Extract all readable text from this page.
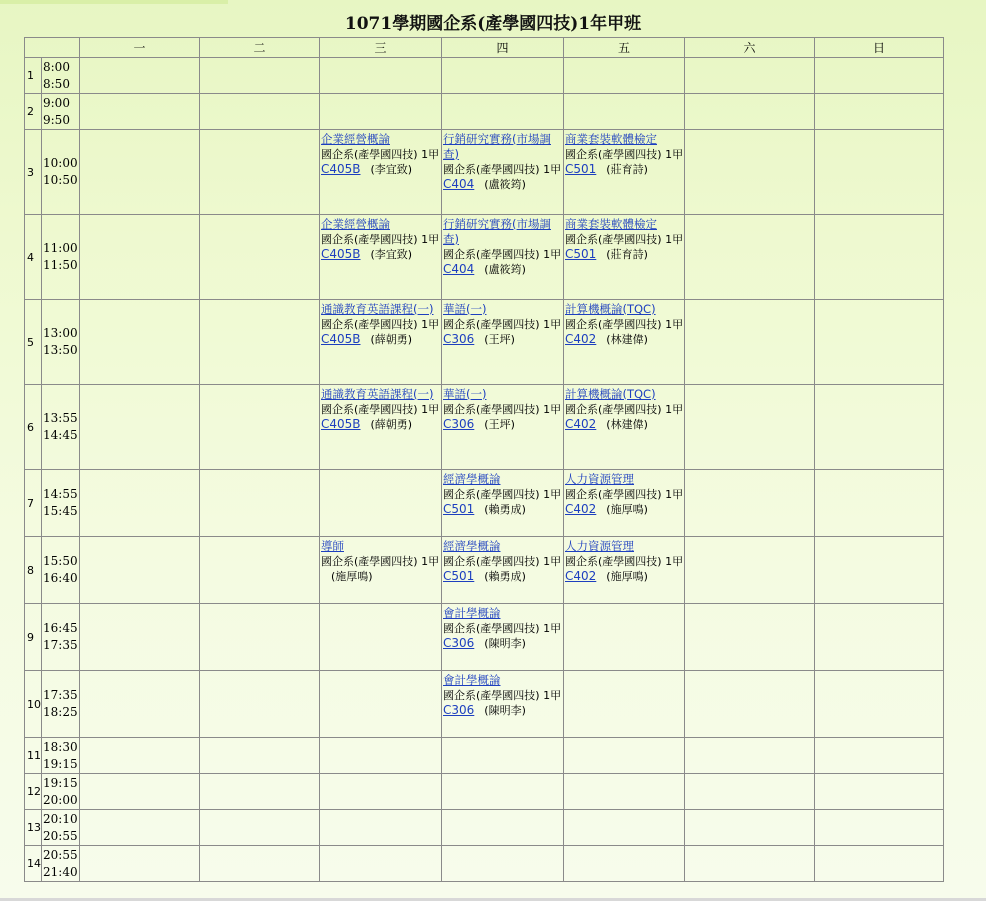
1071學期國企系(產學國四技)1年甲班
		一	二	三	四	五	六	日
1	8:00
8:50							

2	9:00
9:50							

3	10:00
10:50			企業經營概論
國企系(產學國四技) 1甲
C405B (李宜致)	行銷研究實務(市場調查)
國企系(產學國四技) 1甲
C404 (盧筱筠)	商業套裝軟體檢定
國企系(產學國四技) 1甲
C501 (莊育詩)		

4	11:00
11:50			企業經營概論
國企系(產學國四技) 1甲
C405B (李宜致)	行銷研究實務(市場調查)
國企系(產學國四技) 1甲
C404 (盧筱筠)	商業套裝軟體檢定
國企系(產學國四技) 1甲
C501 (莊育詩)		

5	13:00
13:50			通識教育英語課程(一)
國企系(產學國四技) 1甲
C405B (薛朝勇)	華語(一)
國企系(產學國四技) 1甲
C306 (王坪)	計算機概論(TQC)
國企系(產學國四技) 1甲
C402 (林建偉)		

6	13:55
14:45			通識教育英語課程(一)
國企系(產學國四技) 1甲
C405B (薛朝勇)	華語(一)
國企系(產學國四技) 1甲
C306 (王坪)	計算機概論(TQC)
國企系(產學國四技) 1甲
C402 (林建偉)		

7	14:55
15:45				經濟學概論
國企系(產學國四技) 1甲
C501 (賴勇成)	人力資源管理
國企系(產學國四技) 1甲
C402 (施厚鳴)		

8	15:50
16:40			導師
國企系(產學國四技) 1甲
(施厚鳴)	經濟學概論
國企系(產學國四技) 1甲
C501 (賴勇成)	人力資源管理
國企系(產學國四技) 1甲
C402 (施厚鳴)		

9	16:45
17:35				會計學概論
國企系(產學國四技) 1甲
C306 (陳明李)			

10	17:35
18:25				會計學概論
國企系(產學國四技) 1甲
C306 (陳明李)			

11	18:30
19:15							

12	19:15
20:00							

13	20:10
20:55							

14	20:55
21:40							
